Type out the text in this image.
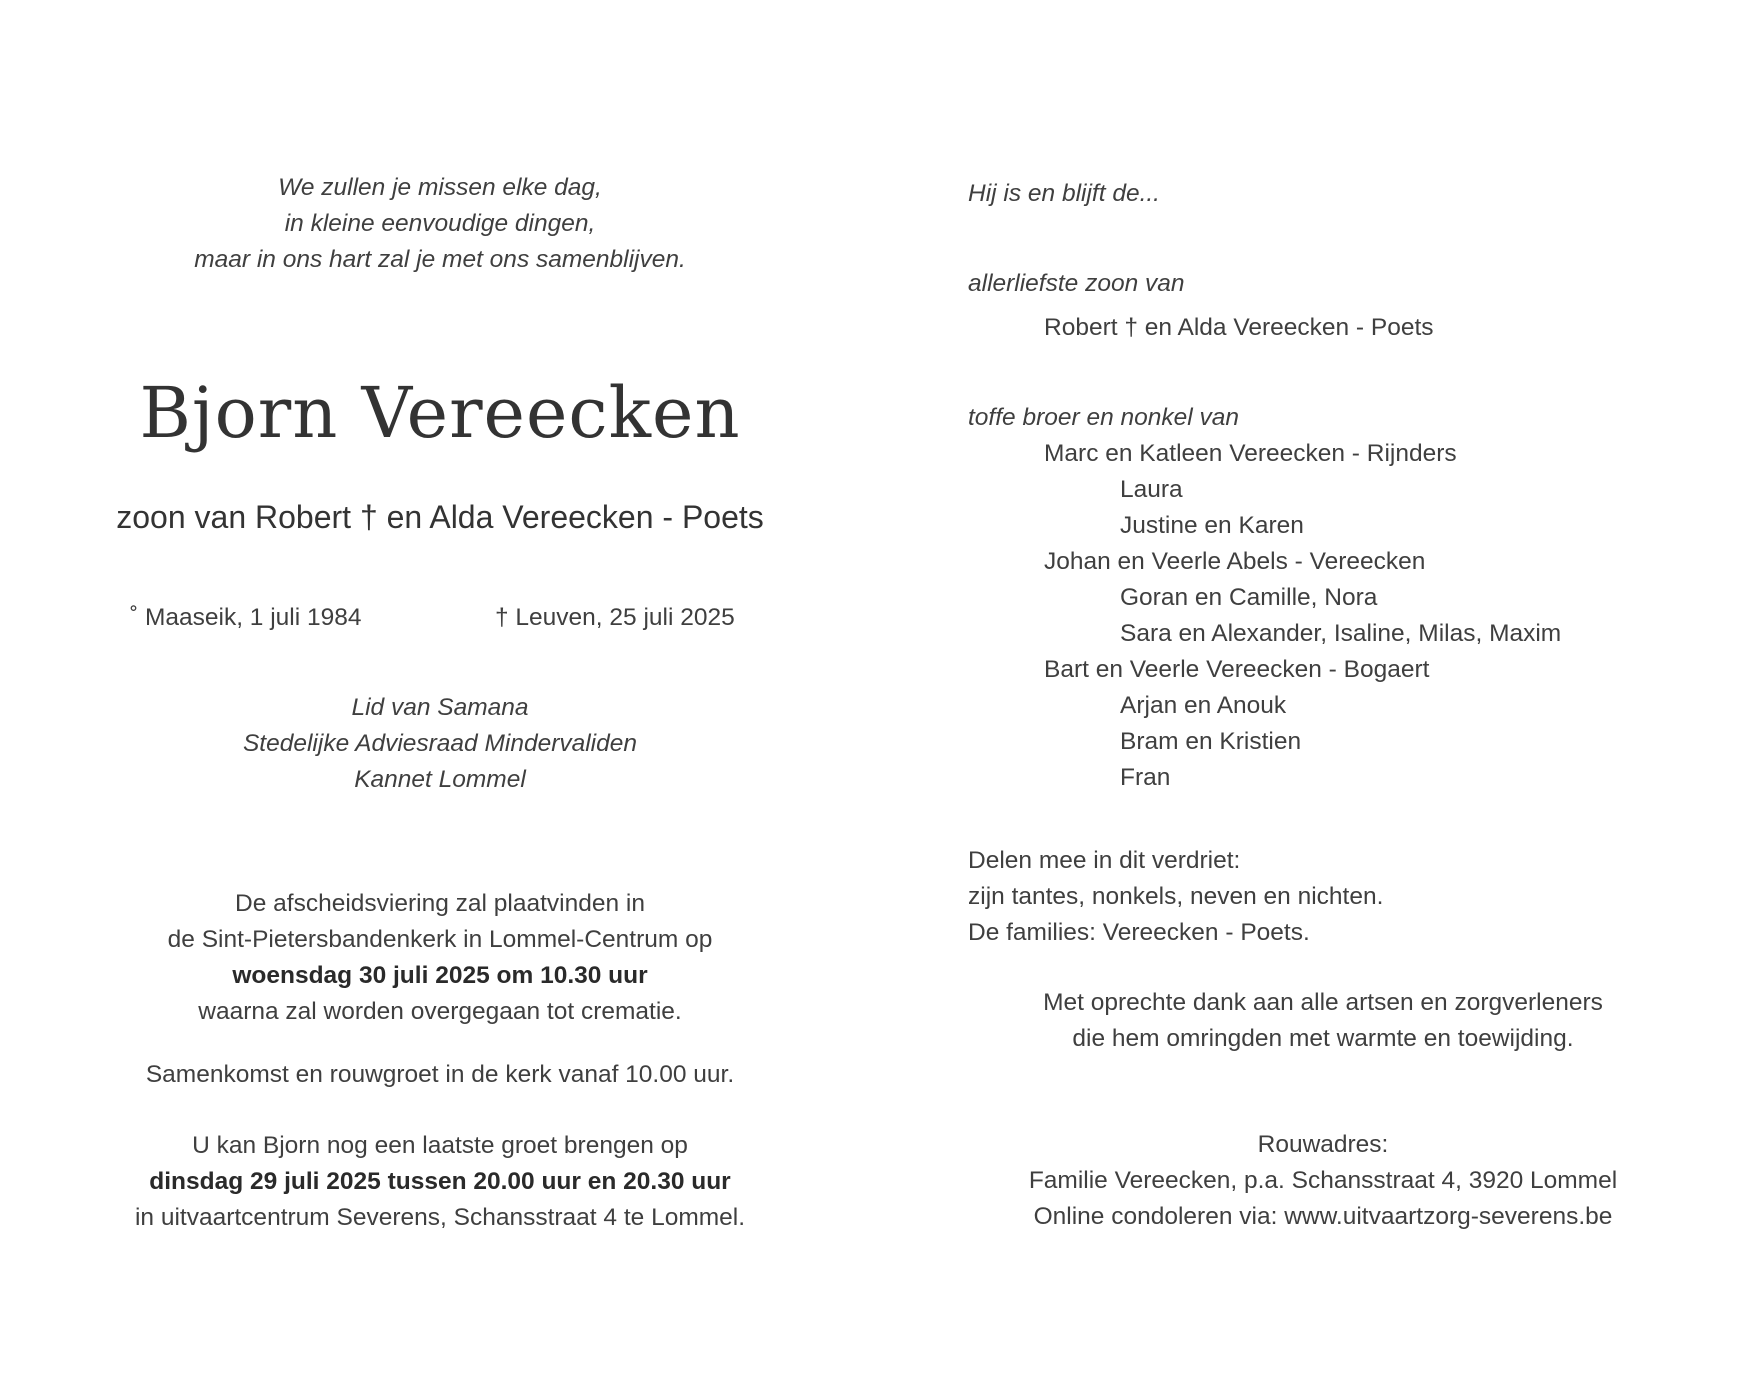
We zullen je missen elke dag,
in kleine eenvoudige dingen,
maar in ons hart zal je met ons samenblijven.
Bjorn Vereecken
zoon van Robert † en Alda Vereecken - Poets
˚ Maaseik, 1 juli 1984	† Leuven, 25 juli 2025
Lid van Samana
Stedelijke Adviesraad Mindervaliden
Kannet Lommel
De afscheidsviering zal plaatvinden in
de Sint-Pietersbandenkerk in Lommel-Centrum op
woensdag 30 juli 2025 om 10.30 uur
waarna zal worden overgegaan tot crematie.
Samenkomst en rouwgroet in de kerk vanaf 10.00 uur.
U kan Bjorn nog een laatste groet brengen op
dinsdag 29 juli 2025 tussen 20.00 uur en 20.30 uur
in uitvaartcentrum Severens, Schansstraat 4 te Lommel.
Hij is en blijft de...
allerliefste zoon van
Robert † en Alda Vereecken - Poets
toffe broer en nonkel van
Marc en Katleen Vereecken - Rijnders
Laura
Justine en Karen
Johan en Veerle Abels - Vereecken
Goran en Camille, Nora
Sara en Alexander, Isaline, Milas, Maxim
Bart en Veerle Vereecken - Bogaert
Arjan en Anouk
Bram en Kristien
Fran
Delen mee in dit verdriet:
zijn tantes, nonkels, neven en nichten.
De families: Vereecken - Poets.
Met oprechte dank aan alle artsen en zorgverleners
die hem omringden met warmte en toewijding.
Rouwadres:
Familie Vereecken, p.a. Schansstraat 4, 3920 Lommel
Online condoleren via: www.uitvaartzorg-severens.be
